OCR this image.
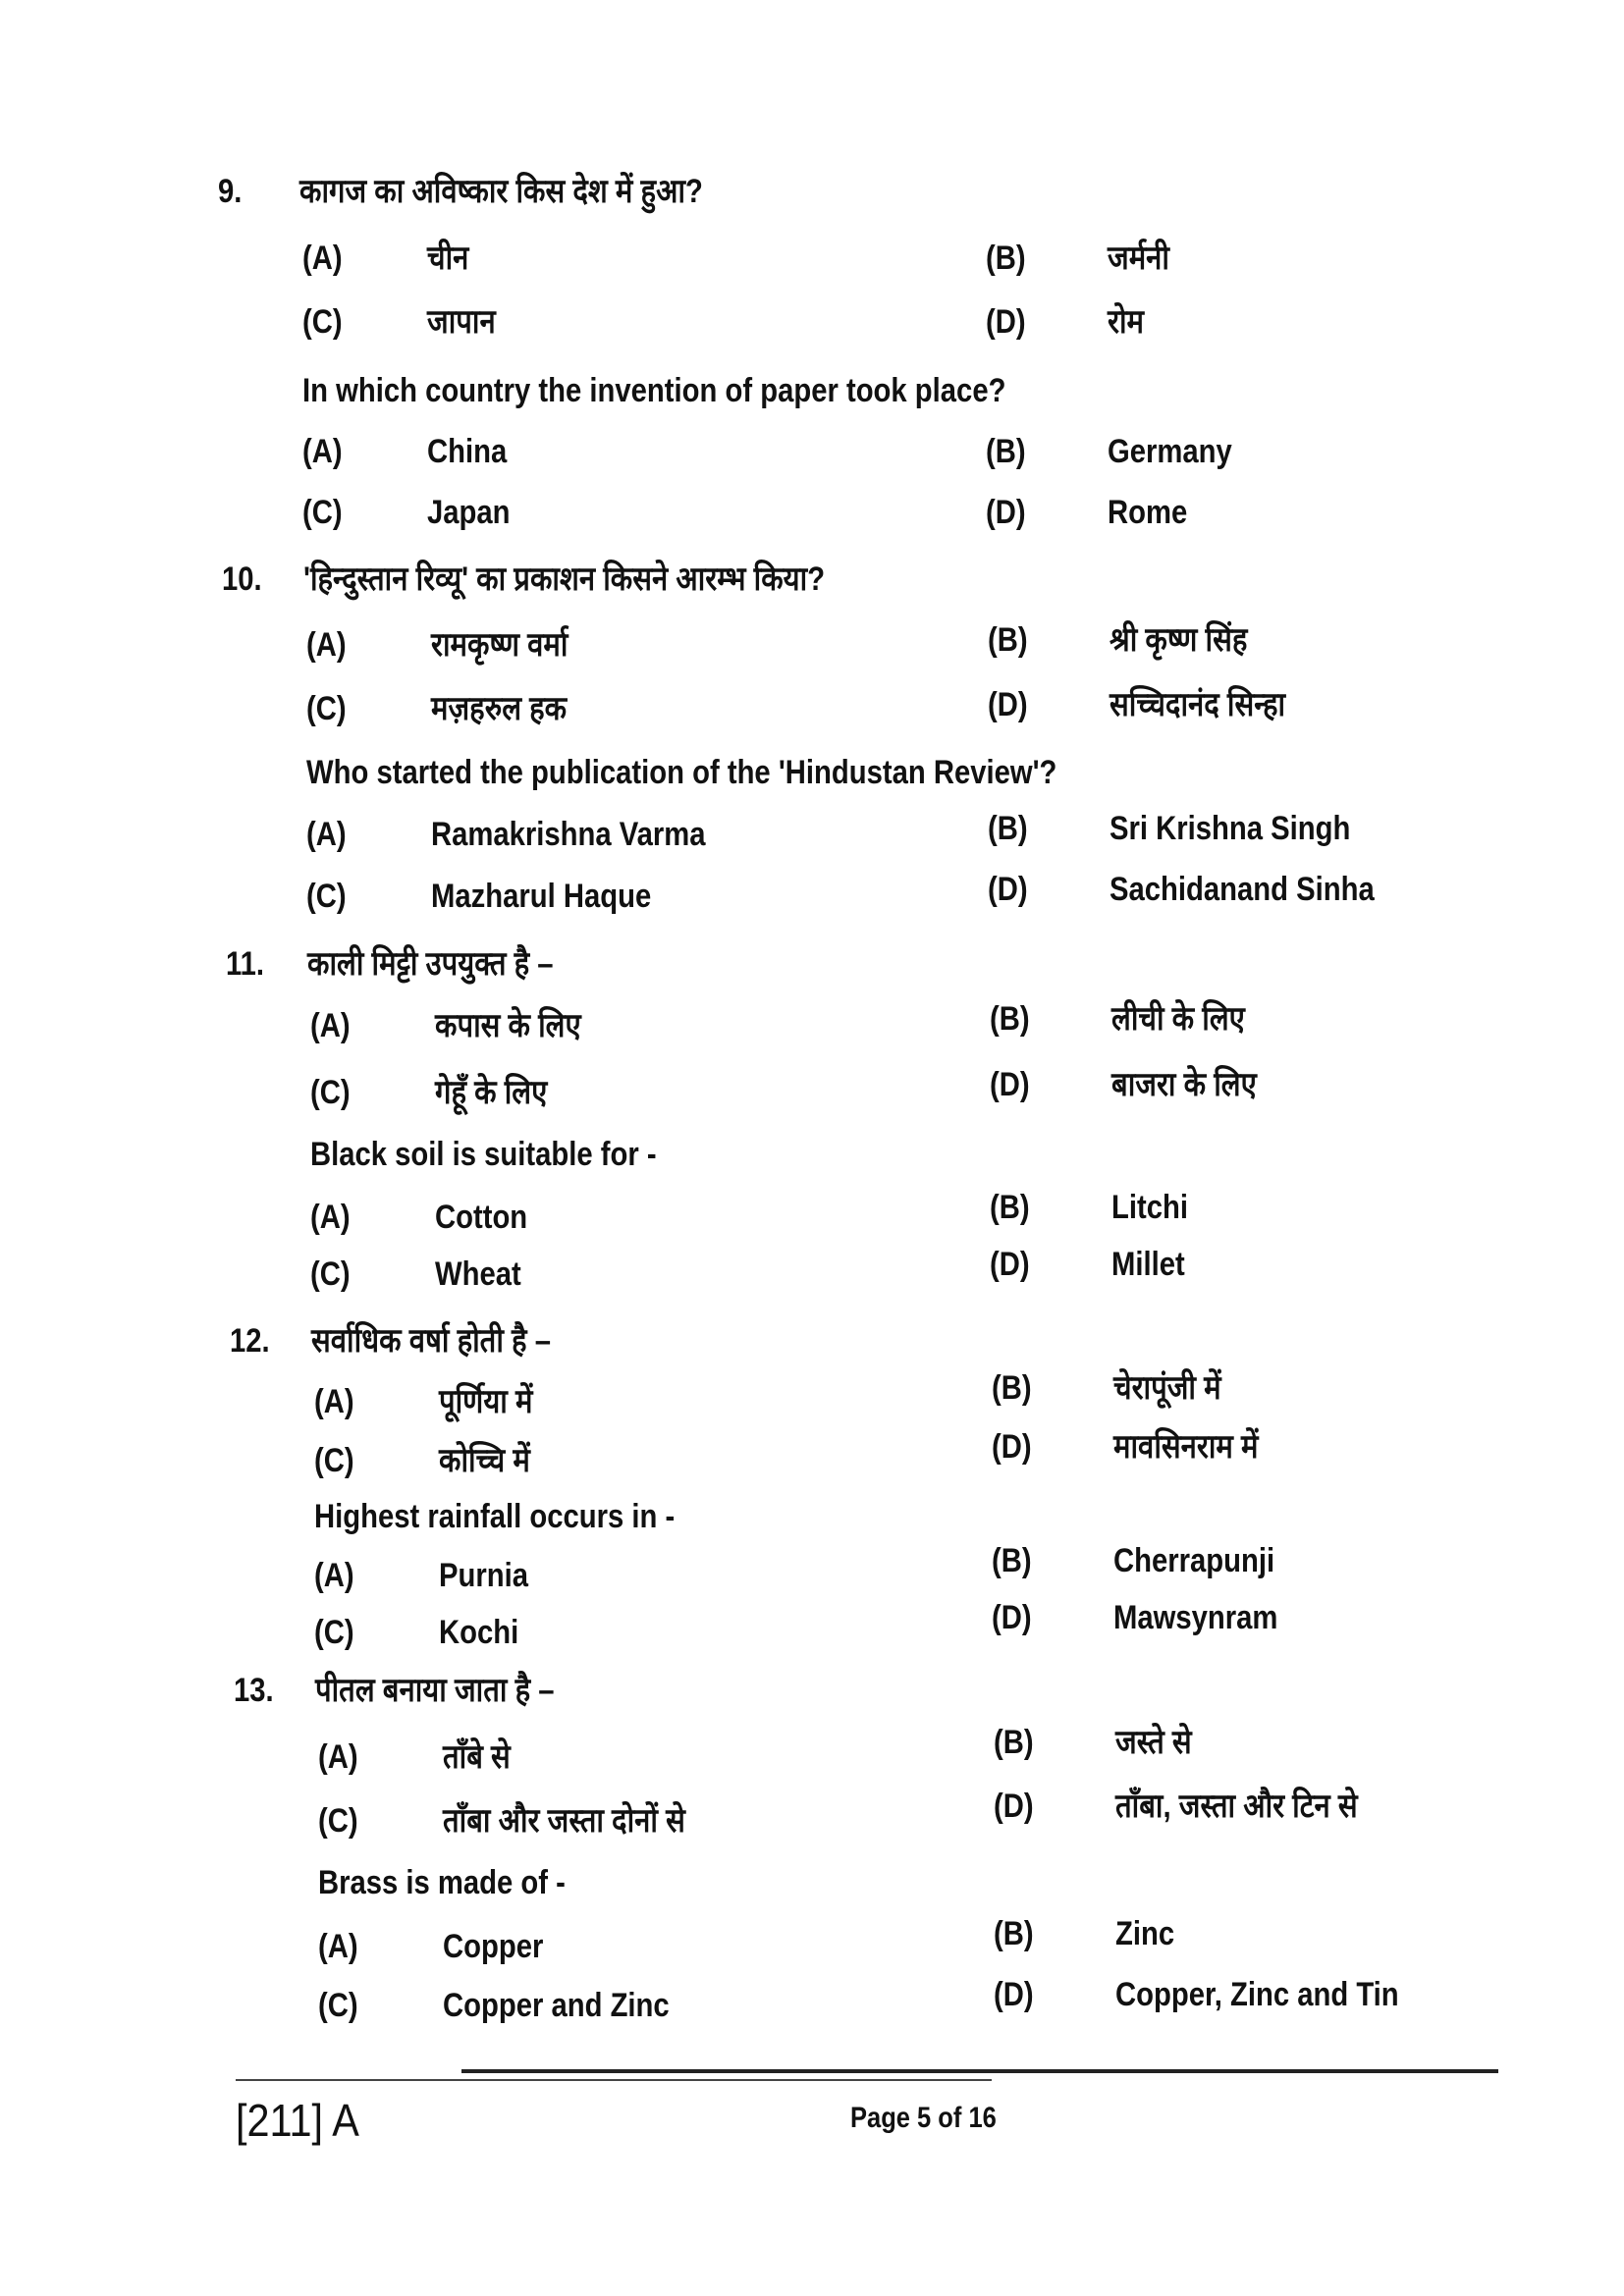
9. कागज का अविष्कार किस देश में हुआ?
(A)	चीन	(B) जर्मनी
(C)	जापान	(D) रोम
In which country the invention of paper took place?
(A)	China	(B) Germany
(C)	Japan	(D) Rome
10. 'हिन्दुस्तान रिव्यू' का प्रकाशन किसने आरम्भ किया?
(A)	रामकृष्ण वर्मा	(B) श्री कृष्ण सिंह
(C)	मज़हरुल हक	(D) सच्चिदानंद सिन्हा
Who started the publication of the 'Hindustan Review'?
(A)	Ramakrishna Varma	(B) Sri Krishna Singh
(C)	Mazharul Haque	(D) Sachidanand Sinha
11. काली मिट्टी उपयुक्त है –
(A)	कपास के लिए	(B) लीची के लिए
(C)	गेहूँ के लिए	(D) बाजरा के लिए
Black soil is suitable for -
(A)	Cotton	(B) Litchi
(C)	Wheat	(D) Millet
12. सर्वाधिक वर्षा होती है –
(A)	पूर्णिया में	(B) चेरापूंजी में
(C)	कोच्चि में	(D) मावसिनराम में
Highest rainfall occurs in -
(A)	Purnia	(B) Cherrapunji
(C)	Kochi	(D) Mawsynram
13. पीतल बनाया जाता है –
(A)	ताँबे से	(B) जस्ते से
(C)	ताँबा और जस्ता दोनों से	(D) ताँबा, जस्ता और टिन से
Brass is made of -
(A)	Copper	(B) Zinc
(C)	Copper and Zinc	(D) Copper, Zinc and Tin
[211] A	Page 5 of 16
